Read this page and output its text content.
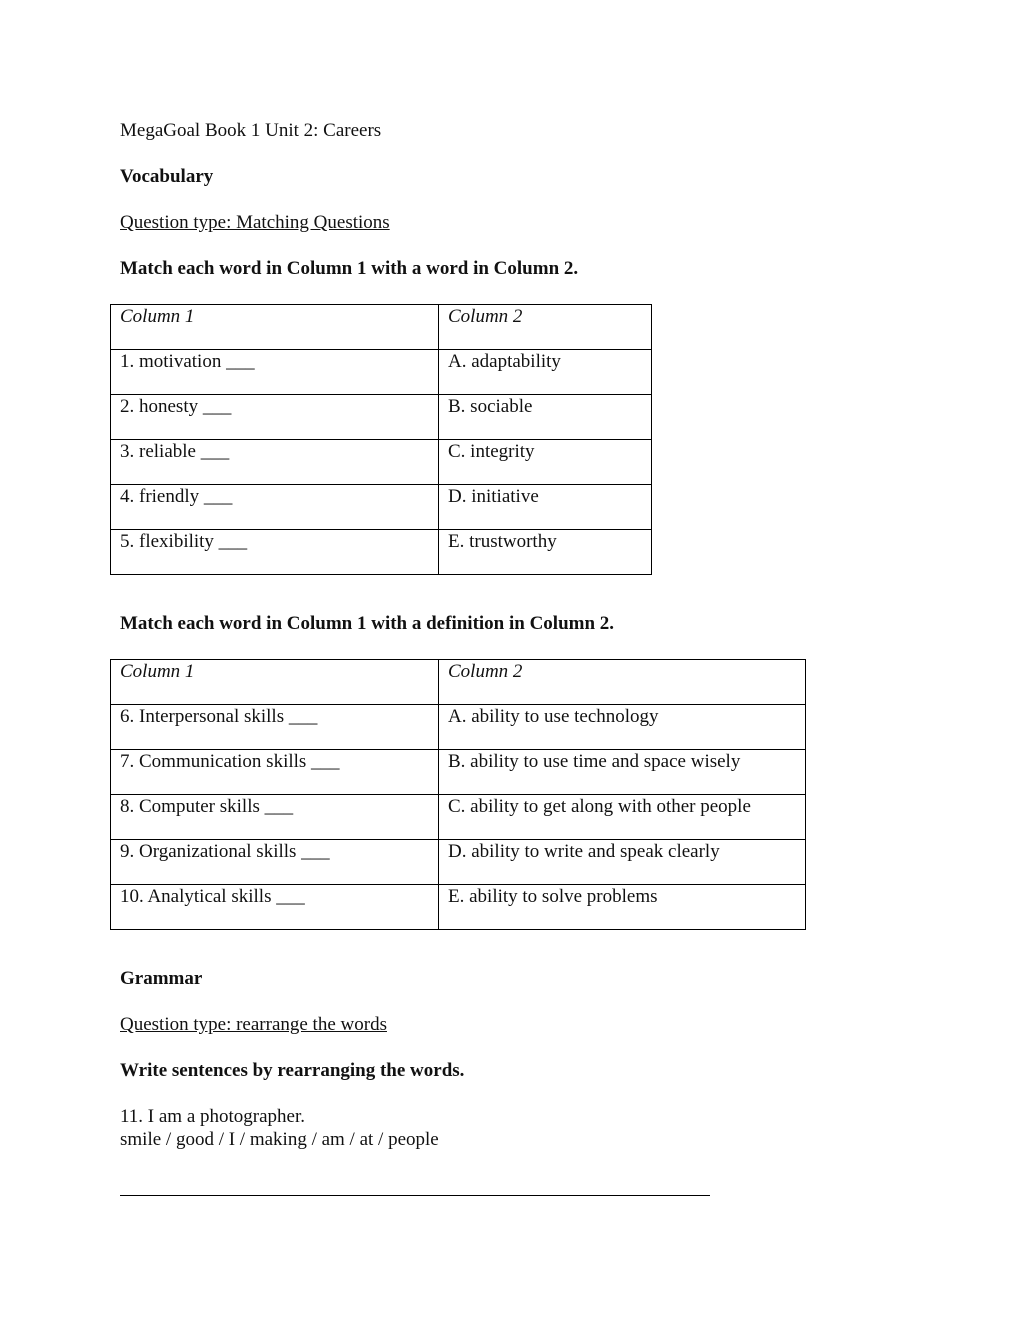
MegaGoal Book 1 Unit 2: Careers
Vocabulary
Question type: Matching Questions
Match each word in Column 1 with a word in Column 2.
Column 1	Column 2
1. motivation ___	A. adaptability
2. honesty ___	B. sociable
3. reliable ___	C. integrity
4. friendly ___	D. initiative
5. flexibility ___	E. trustworthy
Match each word in Column 1 with a definition in Column 2.
Column 1	Column 2
6. Interpersonal skills ___	A. ability to use technology
7. Communication skills ___	B. ability to use time and space wisely
8. Computer skills ___	C. ability to get along with other people
9. Organizational skills ___	D. ability to write and speak clearly
10. Analytical skills ___	E. ability to solve problems
Grammar
Question type: rearrange the words
Write sentences by rearranging the words.
11. I am a photographer.
smile / good / I / making / am / at / people
